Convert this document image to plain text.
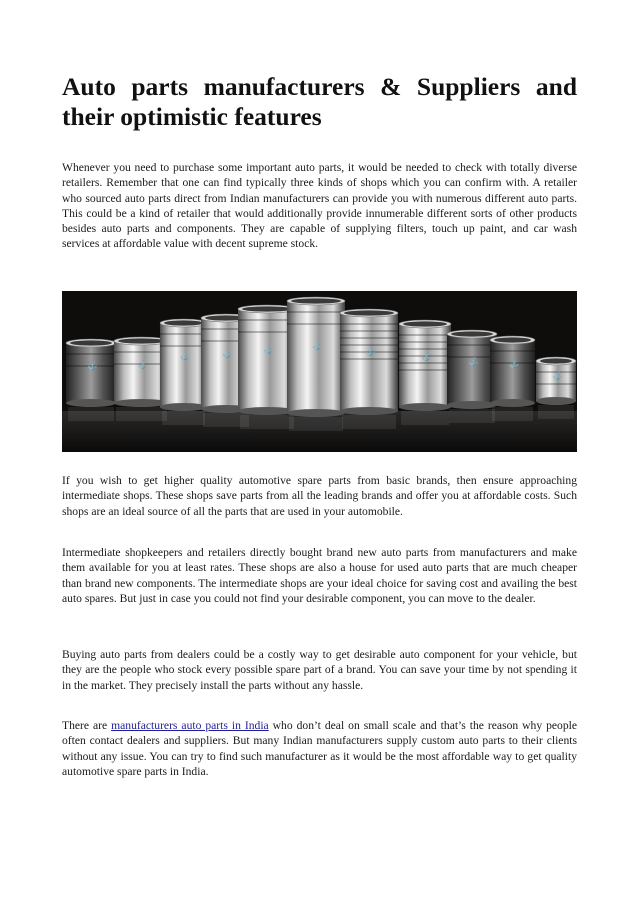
Auto parts manufacturers & Suppliers and their optimistic features

Whenever you need to purchase some important auto parts, it would be needed to check with totally diverse retailers. Remember that one can find typically three kinds of shops which you can confirm with. A retailer who sourced auto parts direct from Indian manufacturers can provide you with numerous different auto parts. This could be a kind of retailer that would additionally provide innumerable different sorts of other products besides auto parts and components. They are capable of supplying filters, touch up paint, and car wash services at affordable value with decent supreme stock.

⚓	⚓
⚓	⚓	⚓	⚓
⚓
⚓
⚓	⚓
⚓

If you wish to get higher quality automotive spare parts from basic brands, then ensure approaching intermediate shops. These shops save parts from all the leading brands and offer you at affordable costs. Such shops are an ideal source of all the parts that are used in your automobile.

Intermediate shopkeepers and retailers directly bought brand new auto parts from manufacturers and make them available for you at least rates. These shops are also a house for used auto parts that are much cheaper than brand new components. The intermediate shops are your ideal choice for saving cost and availing the best auto spares. But just in case you could not find your desirable component, you can move to the dealer.

Buying auto parts from dealers could be a costly way to get desirable auto component for your vehicle, but they are the people who stock every possible spare part of a brand. You can save your time by not spending it in the market. They precisely install the parts without any hassle.

There are manufacturers auto parts in India who don’t deal on small scale and that’s the reason why people often contact dealers and suppliers. But many Indian manufacturers supply custom auto parts to their clients without any issue. You can try to find such manufacturer as it would be the most affordable way to get quality automotive spare parts in India.
